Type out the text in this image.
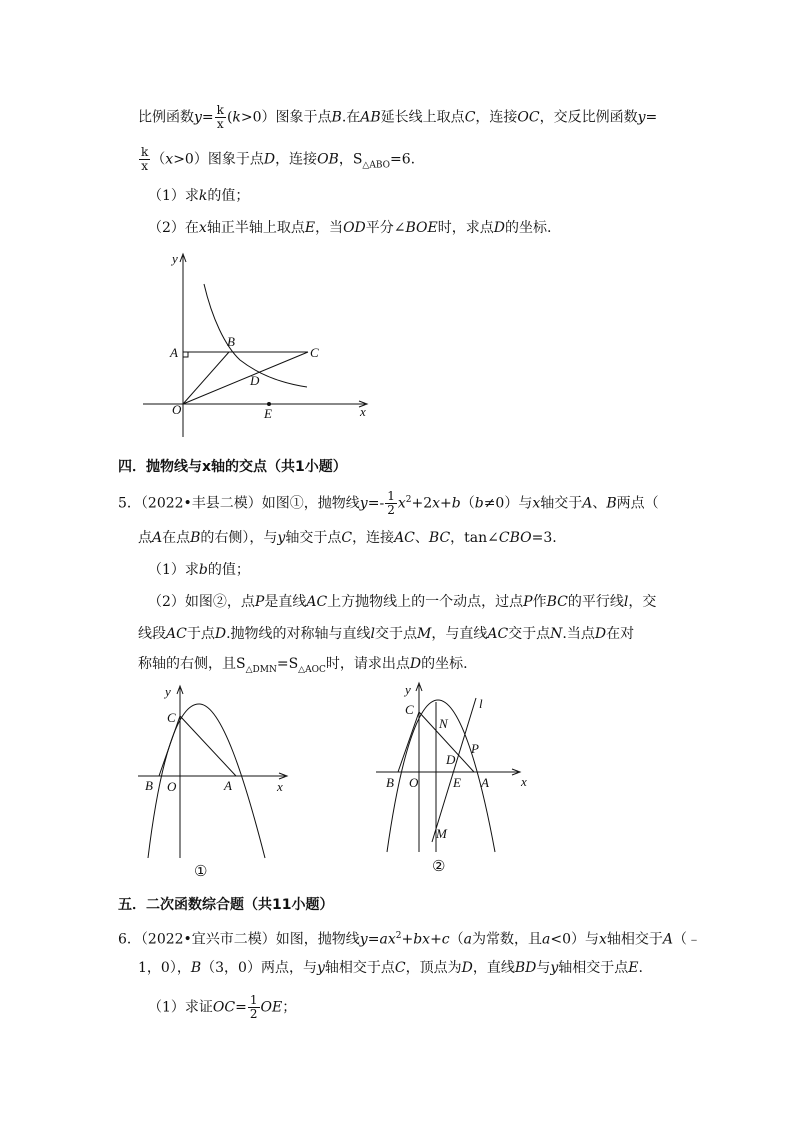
比例函数$y= \frac{k}{x} (k>0)$图象于点B.在AB延长线上取点C，连接OC，交反比例函数y=
$\frac{k}{x} (x>0)$图象于点D，连接OB，$S_{\triangle ABO}=6$.
（1）求k的值；
（2）在x轴正半轴上取点E，当OD平分∠BOE时，求点D的坐标.
y
x
A
B
C
D
O	E
四．抛物线与x轴的交点（共1小题）
5．（2022•丰县二模）如图①，抛物线$y=- \frac{1}{2} x^2+2x+b(b\ne 0)$与x轴交于A、B两点（
点A在点B的右侧），与y轴交于点C，连接AC、BC，tan∠CBO=3.
（1）求b的值；
（2）如图②，点P是直线AC上方抛物线上的一个动点，过点P作BC的平行线l，交
线段AC于点D.抛物线的对称轴与直线l交于点M，与直线AC交于点N.当点D在对
称轴的右侧，且$S_{\triangle DMN}=S_{\triangle AOC}$时，请求出点D的坐标.
y
C
B O	A	x
①
y
C
N
l
P
D
B O	E A x
M
②
五．二次函数综合题（共11小题）
6．（2022•宜兴市二模）如图，抛物线$y=ax^2+bx+c(a$为常数，且a<0）与x轴相交于A（﹣
1，0），B（3，0）两点，与y轴相交于点C，顶点为D，直线BD与y轴相交于点E.
（1）求证$OC= \frac{1}{2}$ OE；
